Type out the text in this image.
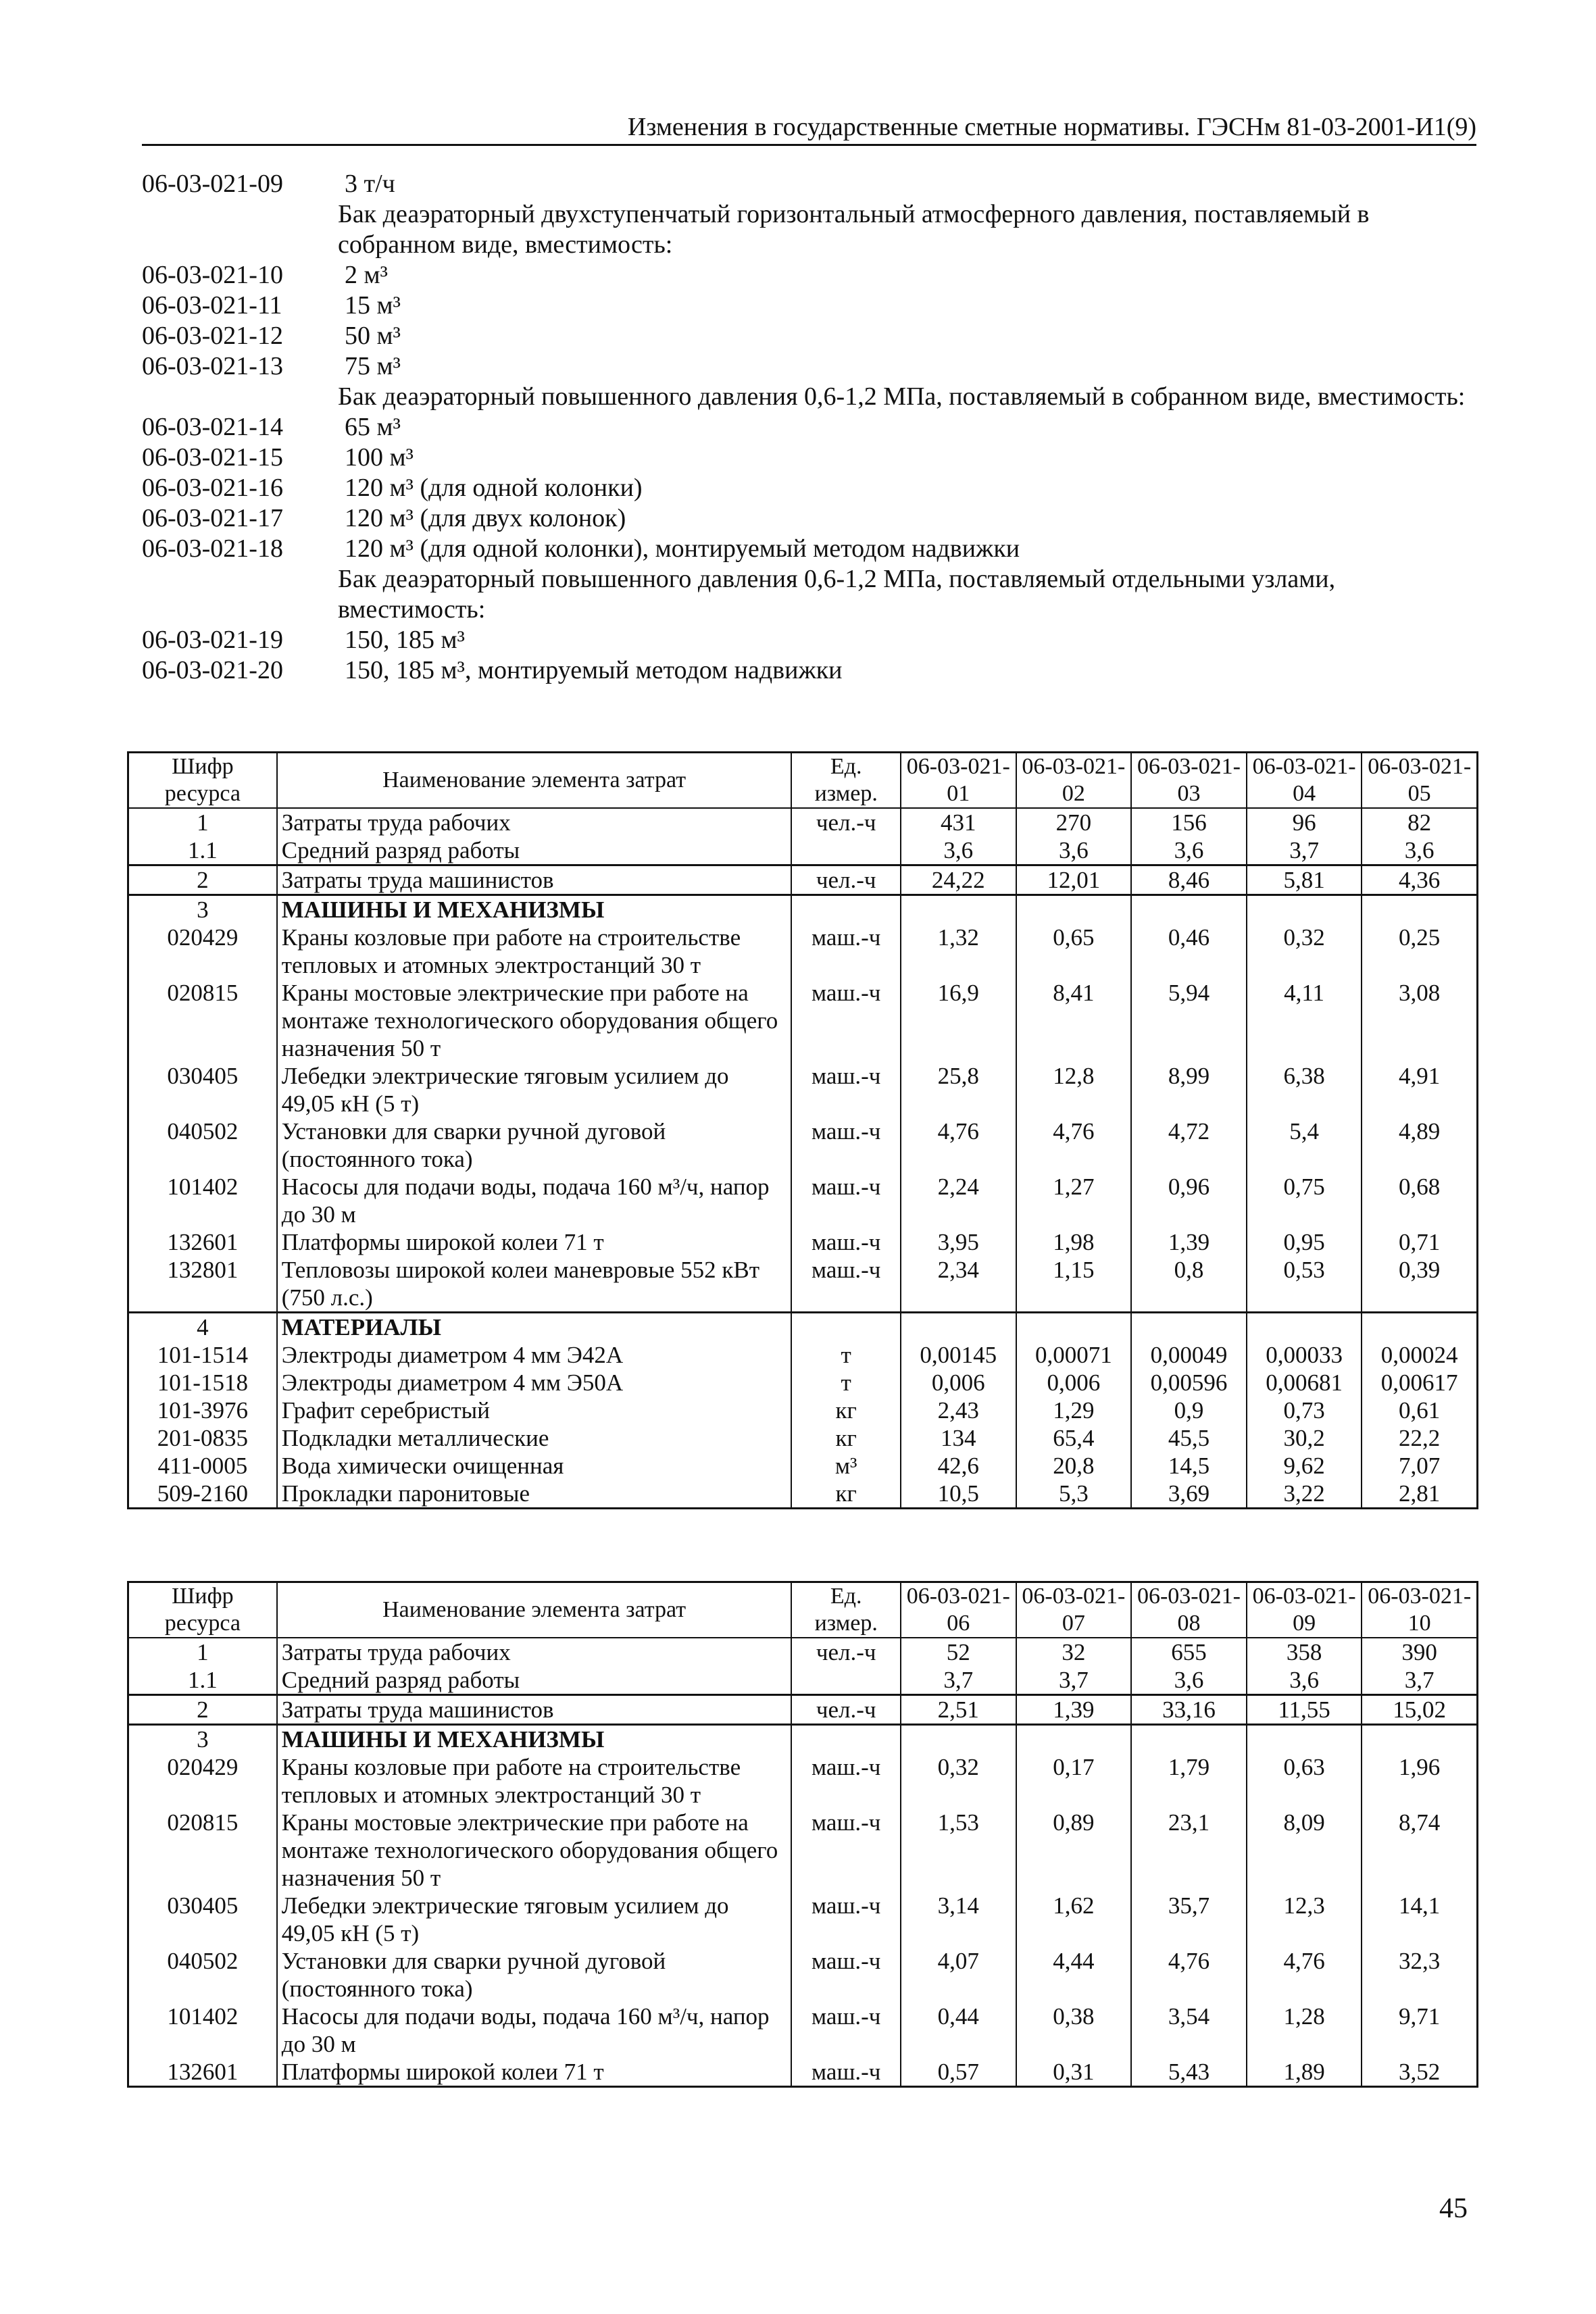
Изменения в государственные сметные нормативы. ГЭСНм 81-03-2001-И1(9)
06-03-021-09	3 т/ч
Бак деаэраторный двухступенчатый горизонтальный атмосферного давления, поставляемый в собранном виде, вместимость:
06-03-021-10	2 м³
06-03-021-11	15 м³
06-03-021-12	50 м³
06-03-021-13	75 м³
Бак деаэраторный повышенного давления 0,6-1,2 МПа, поставляемый в собранном виде, вместимость:
06-03-021-14	65 м³
06-03-021-15	100 м³
06-03-021-16	120 м³ (для одной колонки)
06-03-021-17	120 м³ (для двух колонок)
06-03-021-18	120 м³ (для одной колонки), монтируемый методом надвижки
Бак деаэраторный повышенного давления 0,6-1,2 МПа, поставляемый отдельными узлами, вместимость:
06-03-021-19	150, 185 м³
06-03-021-20	150, 185 м³, монтируемый методом надвижки
Шифр ресурса	Наименование элемента затрат	Ед. измер.	06-03-021-01	06-03-021-02	06-03-021-03	06-03-021-04	06-03-021-05
1	Затраты труда рабочих	чел.-ч	431	270	156	96	82
1.1	Средний разряд работы		3,6	3,6	3,6	3,7	3,6
2	Затраты труда машинистов	чел.-ч	24,22	12,01	8,46	5,81	4,36
3	МАШИНЫ И МЕХАНИЗМЫ						
020429	Краны козловые при работе на строительстве тепловых и атомных электростанций 30 т	маш.-ч	1,32	0,65	0,46	0,32	0,25
020815	Краны мостовые электрические при работе на монтаже технологического оборудования общего назначения 50 т	маш.-ч	16,9	8,41	5,94	4,11	3,08
030405	Лебедки электрические тяговым усилием до 49,05 кН (5 т)	маш.-ч	25,8	12,8	8,99	6,38	4,91
040502	Установки для сварки ручной дуговой (постоянного тока)	маш.-ч	4,76	4,76	4,72	5,4	4,89
101402	Насосы для подачи воды, подача 160 м³/ч, напор до 30 м	маш.-ч	2,24	1,27	0,96	0,75	0,68
132601	Платформы широкой колеи 71 т	маш.-ч	3,95	1,98	1,39	0,95	0,71
132801	Тепловозы широкой колеи маневровые 552 кВт (750 л.с.)	маш.-ч	2,34	1,15	0,8	0,53	0,39
4	МАТЕРИАЛЫ						
101-1514	Электроды диаметром 4 мм Э42А	т	0,00145	0,00071	0,00049	0,00033	0,00024
101-1518	Электроды диаметром 4 мм Э50А	т	0,006	0,006	0,00596	0,00681	0,00617
101-3976	Графит серебристый	кг	2,43	1,29	0,9	0,73	0,61
201-0835	Подкладки металлические	кг	134	65,4	45,5	30,2	22,2
411-0005	Вода химически очищенная	м³	42,6	20,8	14,5	9,62	7,07
509-2160	Прокладки паронитовые	кг	10,5	5,3	3,69	3,22	2,81
Шифр ресурса	Наименование элемента затрат	Ед. измер.	06-03-021-06	06-03-021-07	06-03-021-08	06-03-021-09	06-03-021-10
1	Затраты труда рабочих	чел.-ч	52	32	655	358	390
1.1	Средний разряд работы		3,7	3,7	3,6	3,6	3,7
2	Затраты труда машинистов	чел.-ч	2,51	1,39	33,16	11,55	15,02
3	МАШИНЫ И МЕХАНИЗМЫ						
020429	Краны козловые при работе на строительстве тепловых и атомных электростанций 30 т	маш.-ч	0,32	0,17	1,79	0,63	1,96
020815	Краны мостовые электрические при работе на монтаже технологического оборудования общего назначения 50 т	маш.-ч	1,53	0,89	23,1	8,09	8,74
030405	Лебедки электрические тяговым усилием до 49,05 кН (5 т)	маш.-ч	3,14	1,62	35,7	12,3	14,1
040502	Установки для сварки ручной дуговой (постоянного тока)	маш.-ч	4,07	4,44	4,76	4,76	32,3
101402	Насосы для подачи воды, подача 160 м³/ч, напор до 30 м	маш.-ч	0,44	0,38	3,54	1,28	9,71
132601	Платформы широкой колеи 71 т	маш.-ч	0,57	0,31	5,43	1,89	3,52
45
